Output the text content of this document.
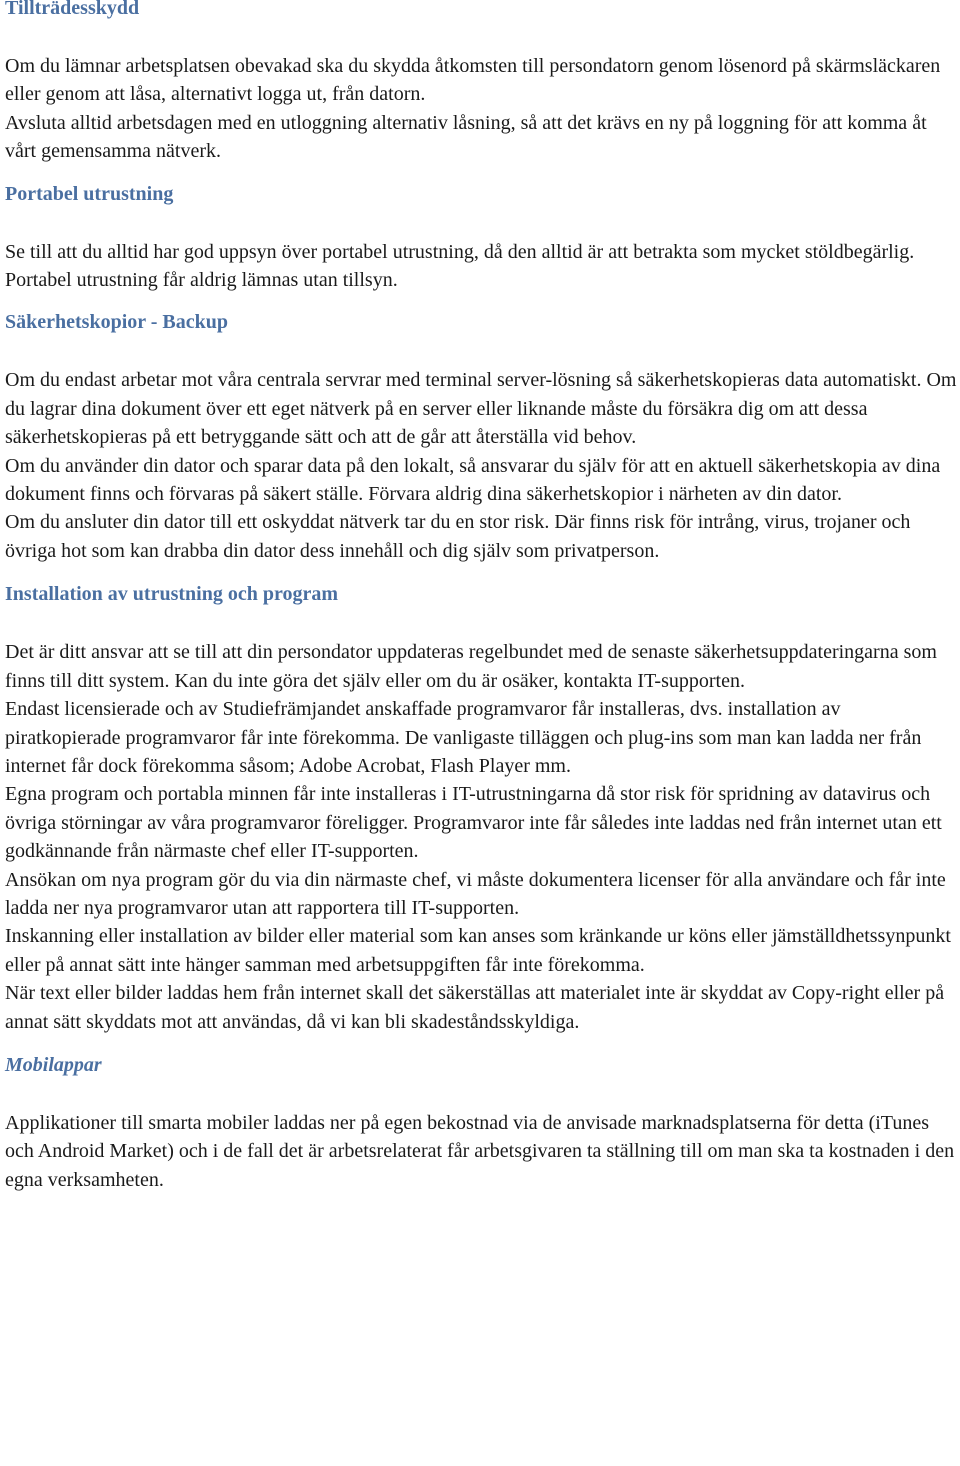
Tillträdesskydd

Om du lämnar arbetsplatsen obevakad ska du skydda åtkomsten till persondatorn genom lösenord på skärmsläckaren eller genom att låsa, alternativt logga ut, från datorn.

Avsluta alltid arbetsdagen med en utloggning alternativ låsning, så att det krävs en ny på loggning för att komma åt vårt gemensamma nätverk.

Portabel utrustning

Se till att du alltid har god uppsyn över portabel utrustning, då den alltid är att betrakta som mycket stöldbegärlig. Portabel utrustning får aldrig lämnas utan tillsyn.

Säkerhetskopior - Backup

Om du endast arbetar mot våra centrala servrar med terminal server-lösning så säkerhetskopieras data automatiskt. Om du lagrar dina dokument över ett eget nätverk på en server eller liknande måste du försäkra dig om att dessa säkerhetskopieras på ett betryggande sätt och att de går att återställa vid behov.

Om du använder din dator och sparar data på den lokalt, så ansvarar du själv för att en aktuell säkerhetskopia av dina dokument finns och förvaras på säkert ställe. Förvara aldrig dina säkerhetskopior i närheten av din dator.

Om du ansluter din dator till ett oskyddat nätverk tar du en stor risk. Där finns risk för intrång, virus, trojaner och övriga hot som kan drabba din dator dess innehåll och dig själv som privatperson.

Installation av utrustning och program

Det är ditt ansvar att se till att din persondator uppdateras regelbundet med de senaste säkerhetsuppdateringarna som finns till ditt system. Kan du inte göra det själv eller om du är osäker, kontakta IT-supporten.

Endast licensierade och av Studiefrämjandet anskaffade programvaror får installeras, dvs. installation av piratkopierade programvaror får inte förekomma. De vanligaste tilläggen och plug-ins som man kan ladda ner från internet får dock förekomma såsom; Adobe Acrobat, Flash Player mm.

Egna program och portabla minnen får inte installeras i IT-utrustningarna då stor risk för spridning av datavirus och övriga störningar av våra programvaror föreligger. Programvaror inte får således inte laddas ned från internet utan ett godkännande från närmaste chef eller IT-supporten.

Ansökan om nya program gör du via din närmaste chef, vi måste dokumentera licenser för alla användare och får inte ladda ner nya programvaror utan att rapportera till IT-supporten.

Inskanning eller installation av bilder eller material som kan anses som kränkande ur köns eller jämställdhetssynpunkt eller på annat sätt inte hänger samman med arbetsuppgiften får inte förekomma.

När text eller bilder laddas hem från internet skall det säkerställas att materialet inte är skyddat av Copy-right eller på annat sätt skyddats mot att användas, då vi kan bli skadeståndsskyldiga.

Mobilappar

Applikationer till smarta mobiler laddas ner på egen bekostnad via de anvisade marknadsplatserna för detta (iTunes och Android Market) och i de fall det är arbetsrelaterat får arbetsgivaren ta ställning till om man ska ta kostnaden i den egna verksamheten.
